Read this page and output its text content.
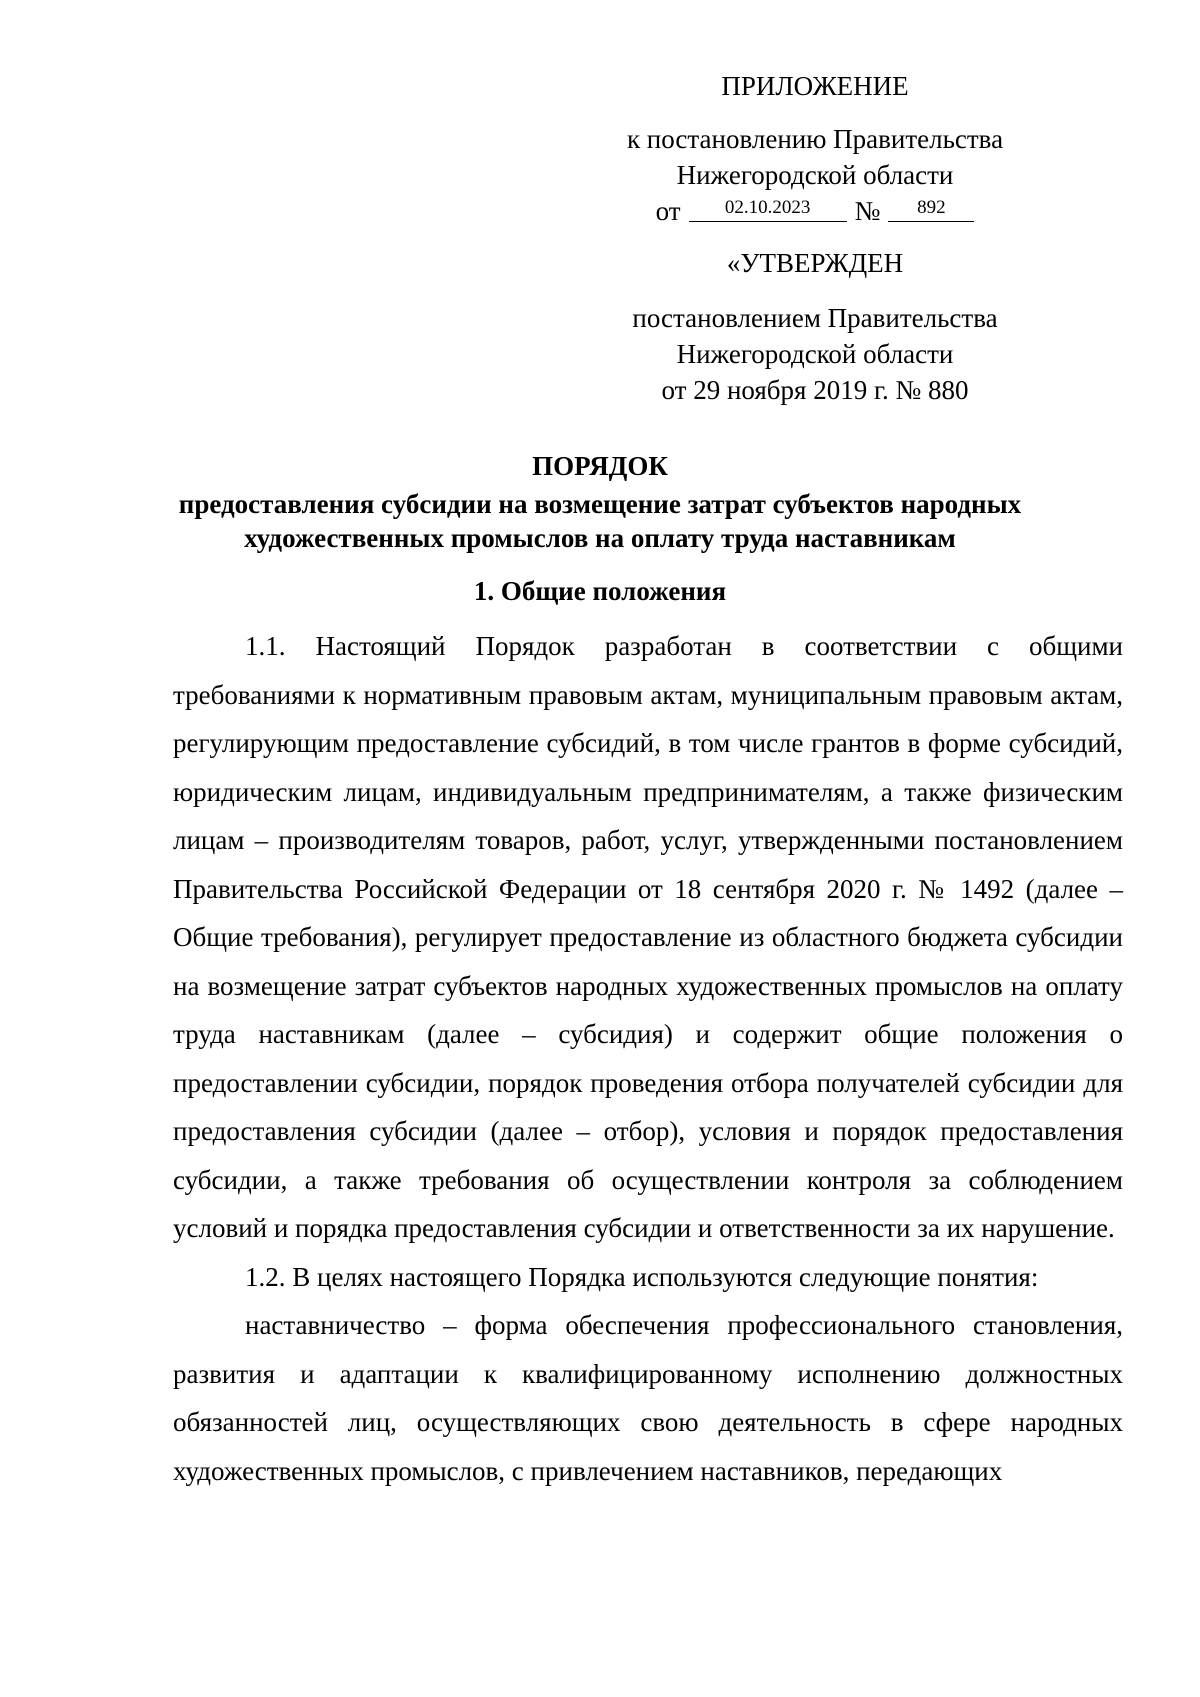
ПРИЛОЖЕНИЕ
к постановлению Правительства
Нижегородской области
от	02.10.2023	№	892
«УТВЕРЖДЕН
постановлением Правительства
Нижегородской области
от 29 ноября 2019 г. № 880
ПОРЯДОК
предоставления субсидии на возмещение затрат субъектов народных художественных промыслов на оплату труда наставникам
1. Общие положения

1.1. Настоящий Порядок разработан в соответствии с общими требованиями к нормативным правовым актам, муниципальным правовым актам, регулирующим предоставление субсидий, в том числе грантов в форме субсидий, юридическим лицам, индивидуальным предпринимателям, а также физическим лицам – производителям товаров, работ, услуг, утвержденными постановлением Правительства Российской Федерации от 18 сентября 2020 г. № 1492 (далее – Общие требования), регулирует предоставление из областного бюджета субсидии на возмещение затрат субъектов народных художественных промыслов на оплату труда наставникам (далее – субсидия) и содержит общие положения о предоставлении субсидии, порядок проведения отбора получателей субсидии для предоставления субсидии (далее – отбор), условия и порядок предоставления субсидии, а также требования об осуществлении контроля за соблюдением условий и порядка предоставления субсидии и ответственности за их нарушение.

1.2. В целях настоящего Порядка используются следующие понятия:

наставничество – форма обеспечения профессионального становления, развития и адаптации к квалифицированному исполнению должностных обязанностей лиц, осуществляющих свою деятельность в сфере народных художественных промыслов, с привлечением наставников, передающих
